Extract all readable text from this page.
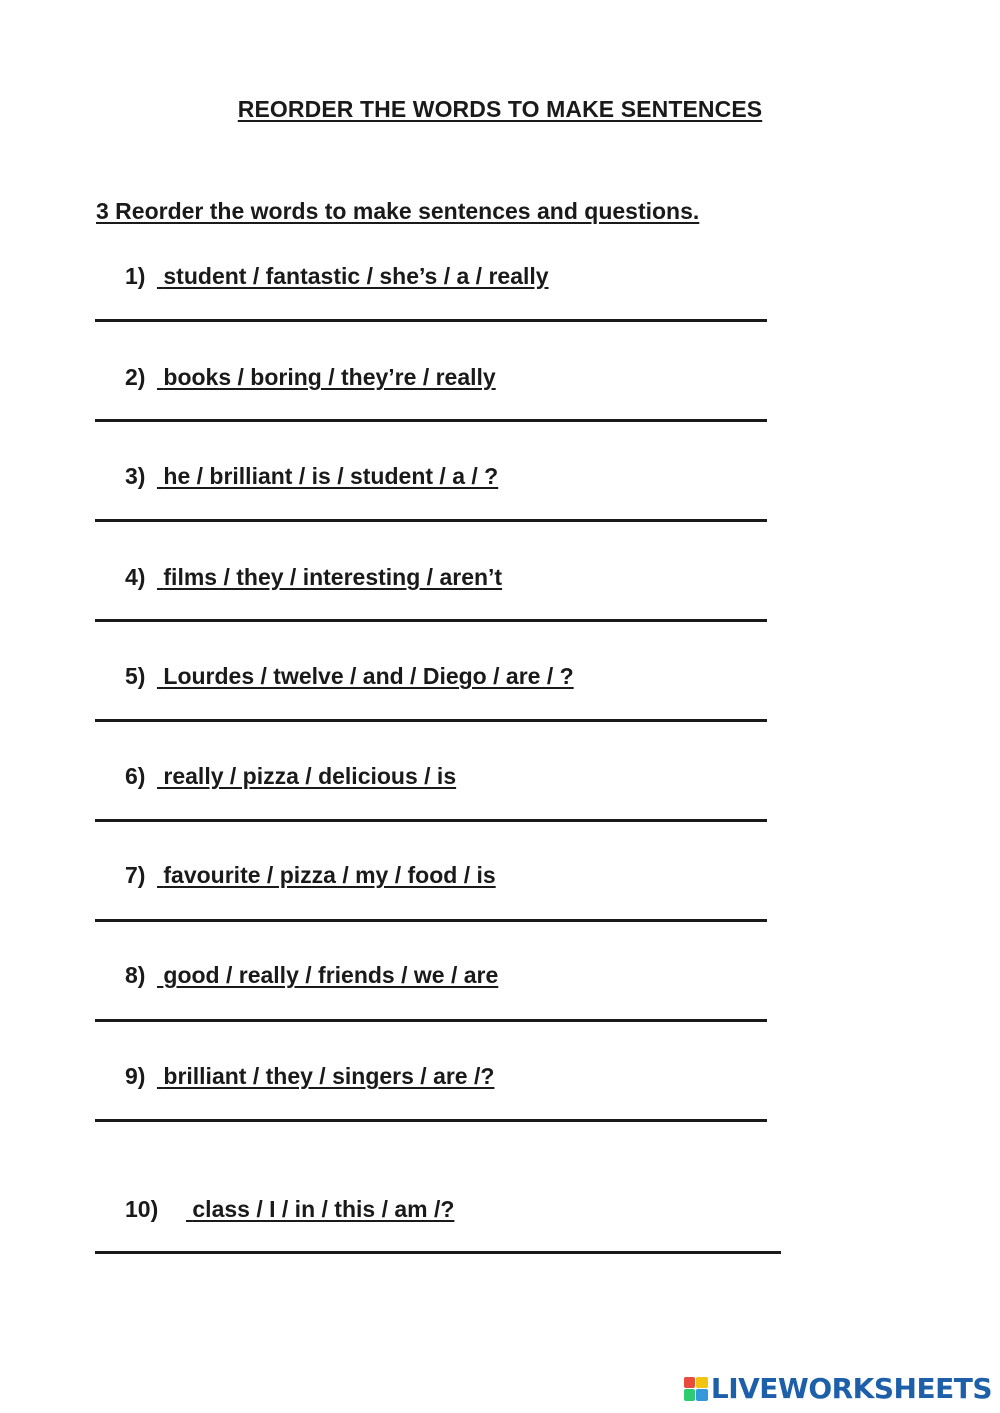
REORDER THE WORDS TO MAKE SENTENCES
3 Reorder the words to make sentences and questions.
1) student / fantastic / she’s / a / really
2) books / boring / they’re / really
3) he / brilliant / is / student / a / ?
4) films / they / interesting / aren’t
5) Lourdes / twelve / and / Diego / are / ?
6) really / pizza / delicious / is
7) favourite / pizza / my / food / is
8) good / really / friends / we / are
9) brilliant / they / singers / are /?
10) class / I / in / this / am /?
LIVEWORKSHEETS
